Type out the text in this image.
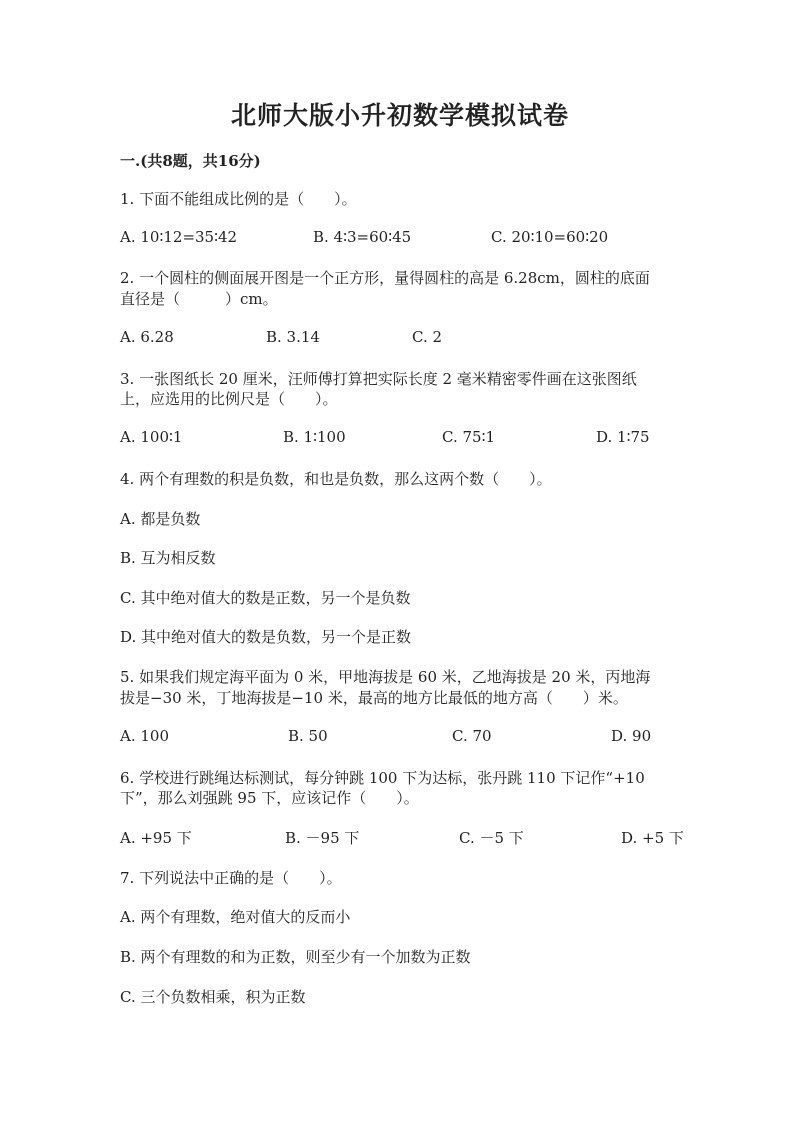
北师大版小升初数学模拟试卷
一.(共8题，共16分)
1. 下面不能组成比例的是（　　）。
A. 10∶12=35∶42	B. 4∶3=60∶45	C. 20∶10=60∶20
2. 一个圆柱的侧面展开图是一个正方形，量得圆柱的高是 6.28cm，圆柱的底面
直径是（　　　）cm。
A. 6.28	B. 3.14	C. 2
3. 一张图纸长 20 厘米，汪师傅打算把实际长度 2 毫米精密零件画在这张图纸
上，应选用的比例尺是（　　）。
A. 100∶1	B. 1∶100	C. 75∶1	D. 1∶75
4. 两个有理数的积是负数，和也是负数，那么这两个数（　　）。
A. 都是负数
B. 互为相反数
C. 其中绝对值大的数是正数，另一个是负数
D. 其中绝对值大的数是负数，另一个是正数
5. 如果我们规定海平面为 0 米，甲地海拔是 60 米，乙地海拔是 20 米，丙地海
拔是−30 米，丁地海拔是−10 米，最高的地方比最低的地方高（　　）米。
A. 100	B. 50	C. 70	D. 90
6. 学校进行跳绳达标测试，每分钟跳 100 下为达标，张丹跳 110 下记作“+10
下”，那么刘强跳 95 下，应该记作（　　）。
A. +95 下	B. －95 下	C. －5 下	D. +5 下
7. 下列说法中正确的是（　　）。
A. 两个有理数，绝对值大的反而小
B. 两个有理数的和为正数，则至少有一个加数为正数
C. 三个负数相乘，积为正数
